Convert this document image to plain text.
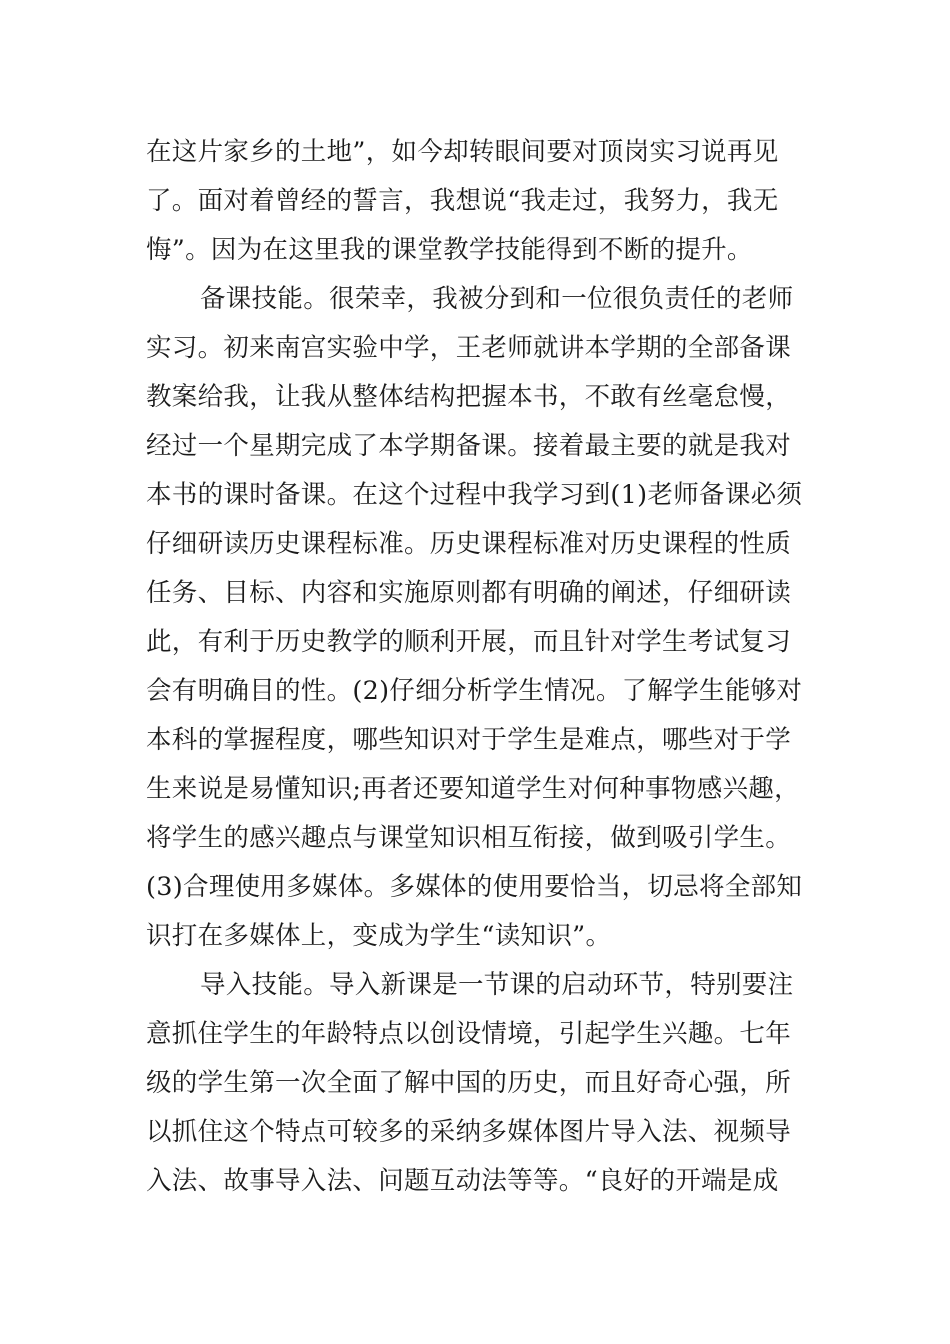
在这片家乡的土地”，如今却转眼间要对顶岗实习说再见
了。面对着曾经的誓言，我想说“我走过，我努力，我无
悔”。因为在这里我的课堂教学技能得到不断的提升。
备课技能。很荣幸，我被分到和一位很负责任的老师
实习。初来南宫实验中学，王老师就讲本学期的全部备课
教案给我，让我从整体结构把握本书，不敢有丝毫怠慢，
经过一个星期完成了本学期备课。接着最主要的就是我对
本书的课时备课。在这个过程中我学习到(1)老师备课必须
仔细研读历史课程标准。历史课程标准对历史课程的性质
任务、目标、内容和实施原则都有明确的阐述，仔细研读
此，有利于历史教学的顺利开展，而且针对学生考试复习
会有明确目的性。(2)仔细分析学生情况。了解学生能够对
本科的掌握程度，哪些知识对于学生是难点，哪些对于学
生来说是易懂知识;再者还要知道学生对何种事物感兴趣，
将学生的感兴趣点与课堂知识相互衔接，做到吸引学生。
(3)合理使用多媒体。多媒体的使用要恰当，切忌将全部知
识打在多媒体上，变成为学生“读知识”。
导入技能。导入新课是一节课的启动环节，特别要注
意抓住学生的年龄特点以创设情境，引起学生兴趣。七年
级的学生第一次全面了解中国的历史，而且好奇心强，所
以抓住这个特点可较多的采纳多媒体图片导入法、视频导
入法、故事导入法、问题互动法等等。“良好的开端是成
